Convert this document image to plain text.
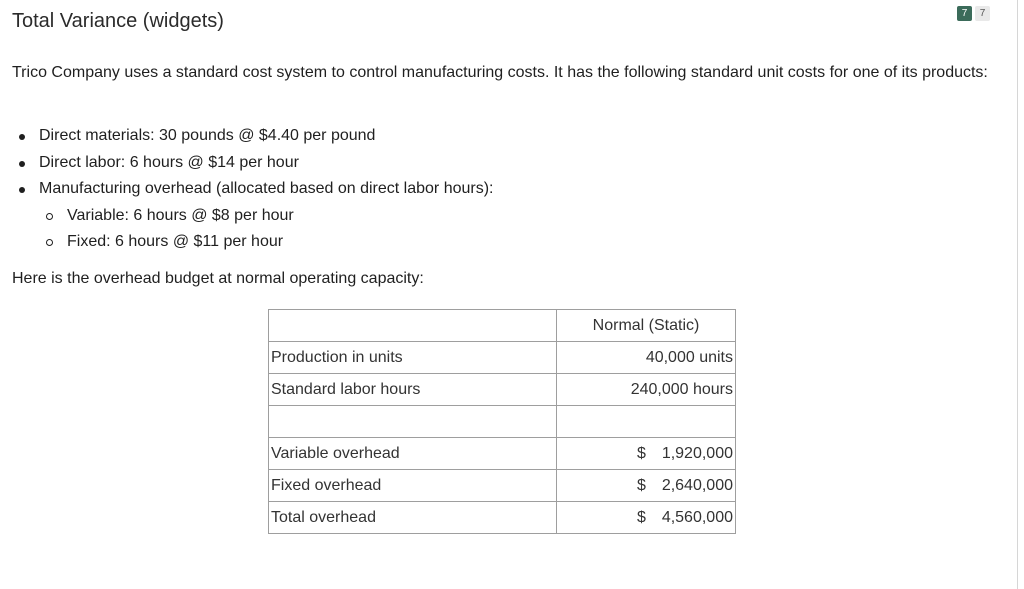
Total Variance (widgets)	7	7

Trico Company uses a standard cost system to control manufacturing costs. It has the following standard unit costs for one of its products:

Direct materials: 30 pounds @ $4.40 per pound
Direct labor: 6 hours @ $14 per hour
Manufacturing overhead (allocated based on direct labor hours):
Variable: 6 hours @ $8 per hour
Fixed: 6 hours @ $11 per hour

Here is the overhead budget at normal operating capacity:

	Normal (Static)
Production in units	40,000 units
Standard labor hours	240,000 hours

Variable overhead	$ 1,920,000

Fixed overhead	$ 2,640,000

Total overhead	$ 4,560,000
